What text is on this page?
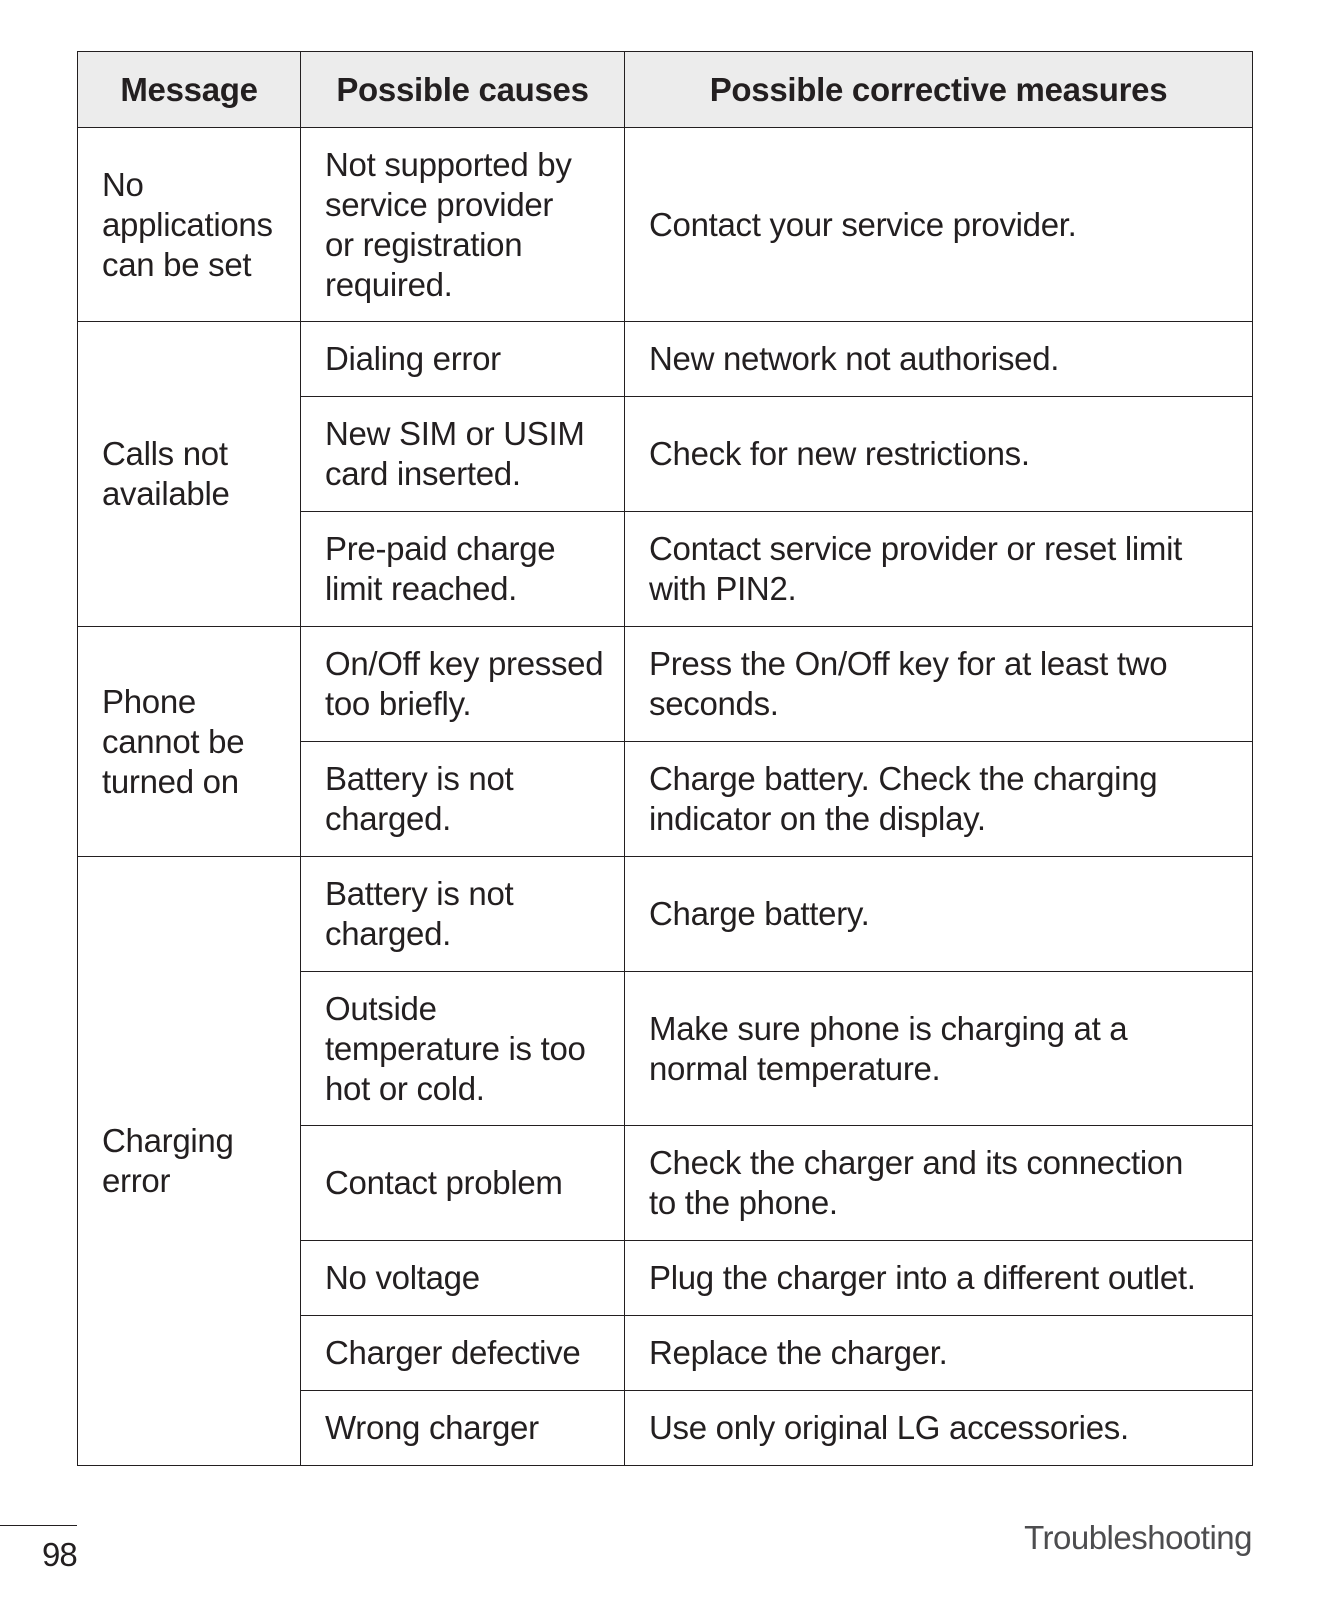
Message	Possible causes	Possible corrective measures

No
applications
can be set	Not supported by
service provider
or registration
required.	Contact your service provider.

Calls not
available	Dialing error	New network not authorised.

	New SIM or USIM
card inserted.	Check for new restrictions.

	Pre-paid charge
limit reached.	Contact service provider or reset limit
with PIN2.

Phone
cannot be
turned on	On/Off key pressed
too briefly.	Press the On/Off key for at least two
seconds.

	Battery is not
charged.	Charge battery. Check the charging
indicator on the display.

Charging
error	Battery is not
charged.	Charge battery.

	Outside
temperature is too
hot or cold.	Make sure phone is charging at a
normal temperature.

	Contact problem	Check the charger and its connection
to the phone.

	No voltage	Plug the charger into a different outlet.

	Charger defective	Replace the charger.

	Wrong charger	Use only original LG accessories.
98	Troubleshooting
